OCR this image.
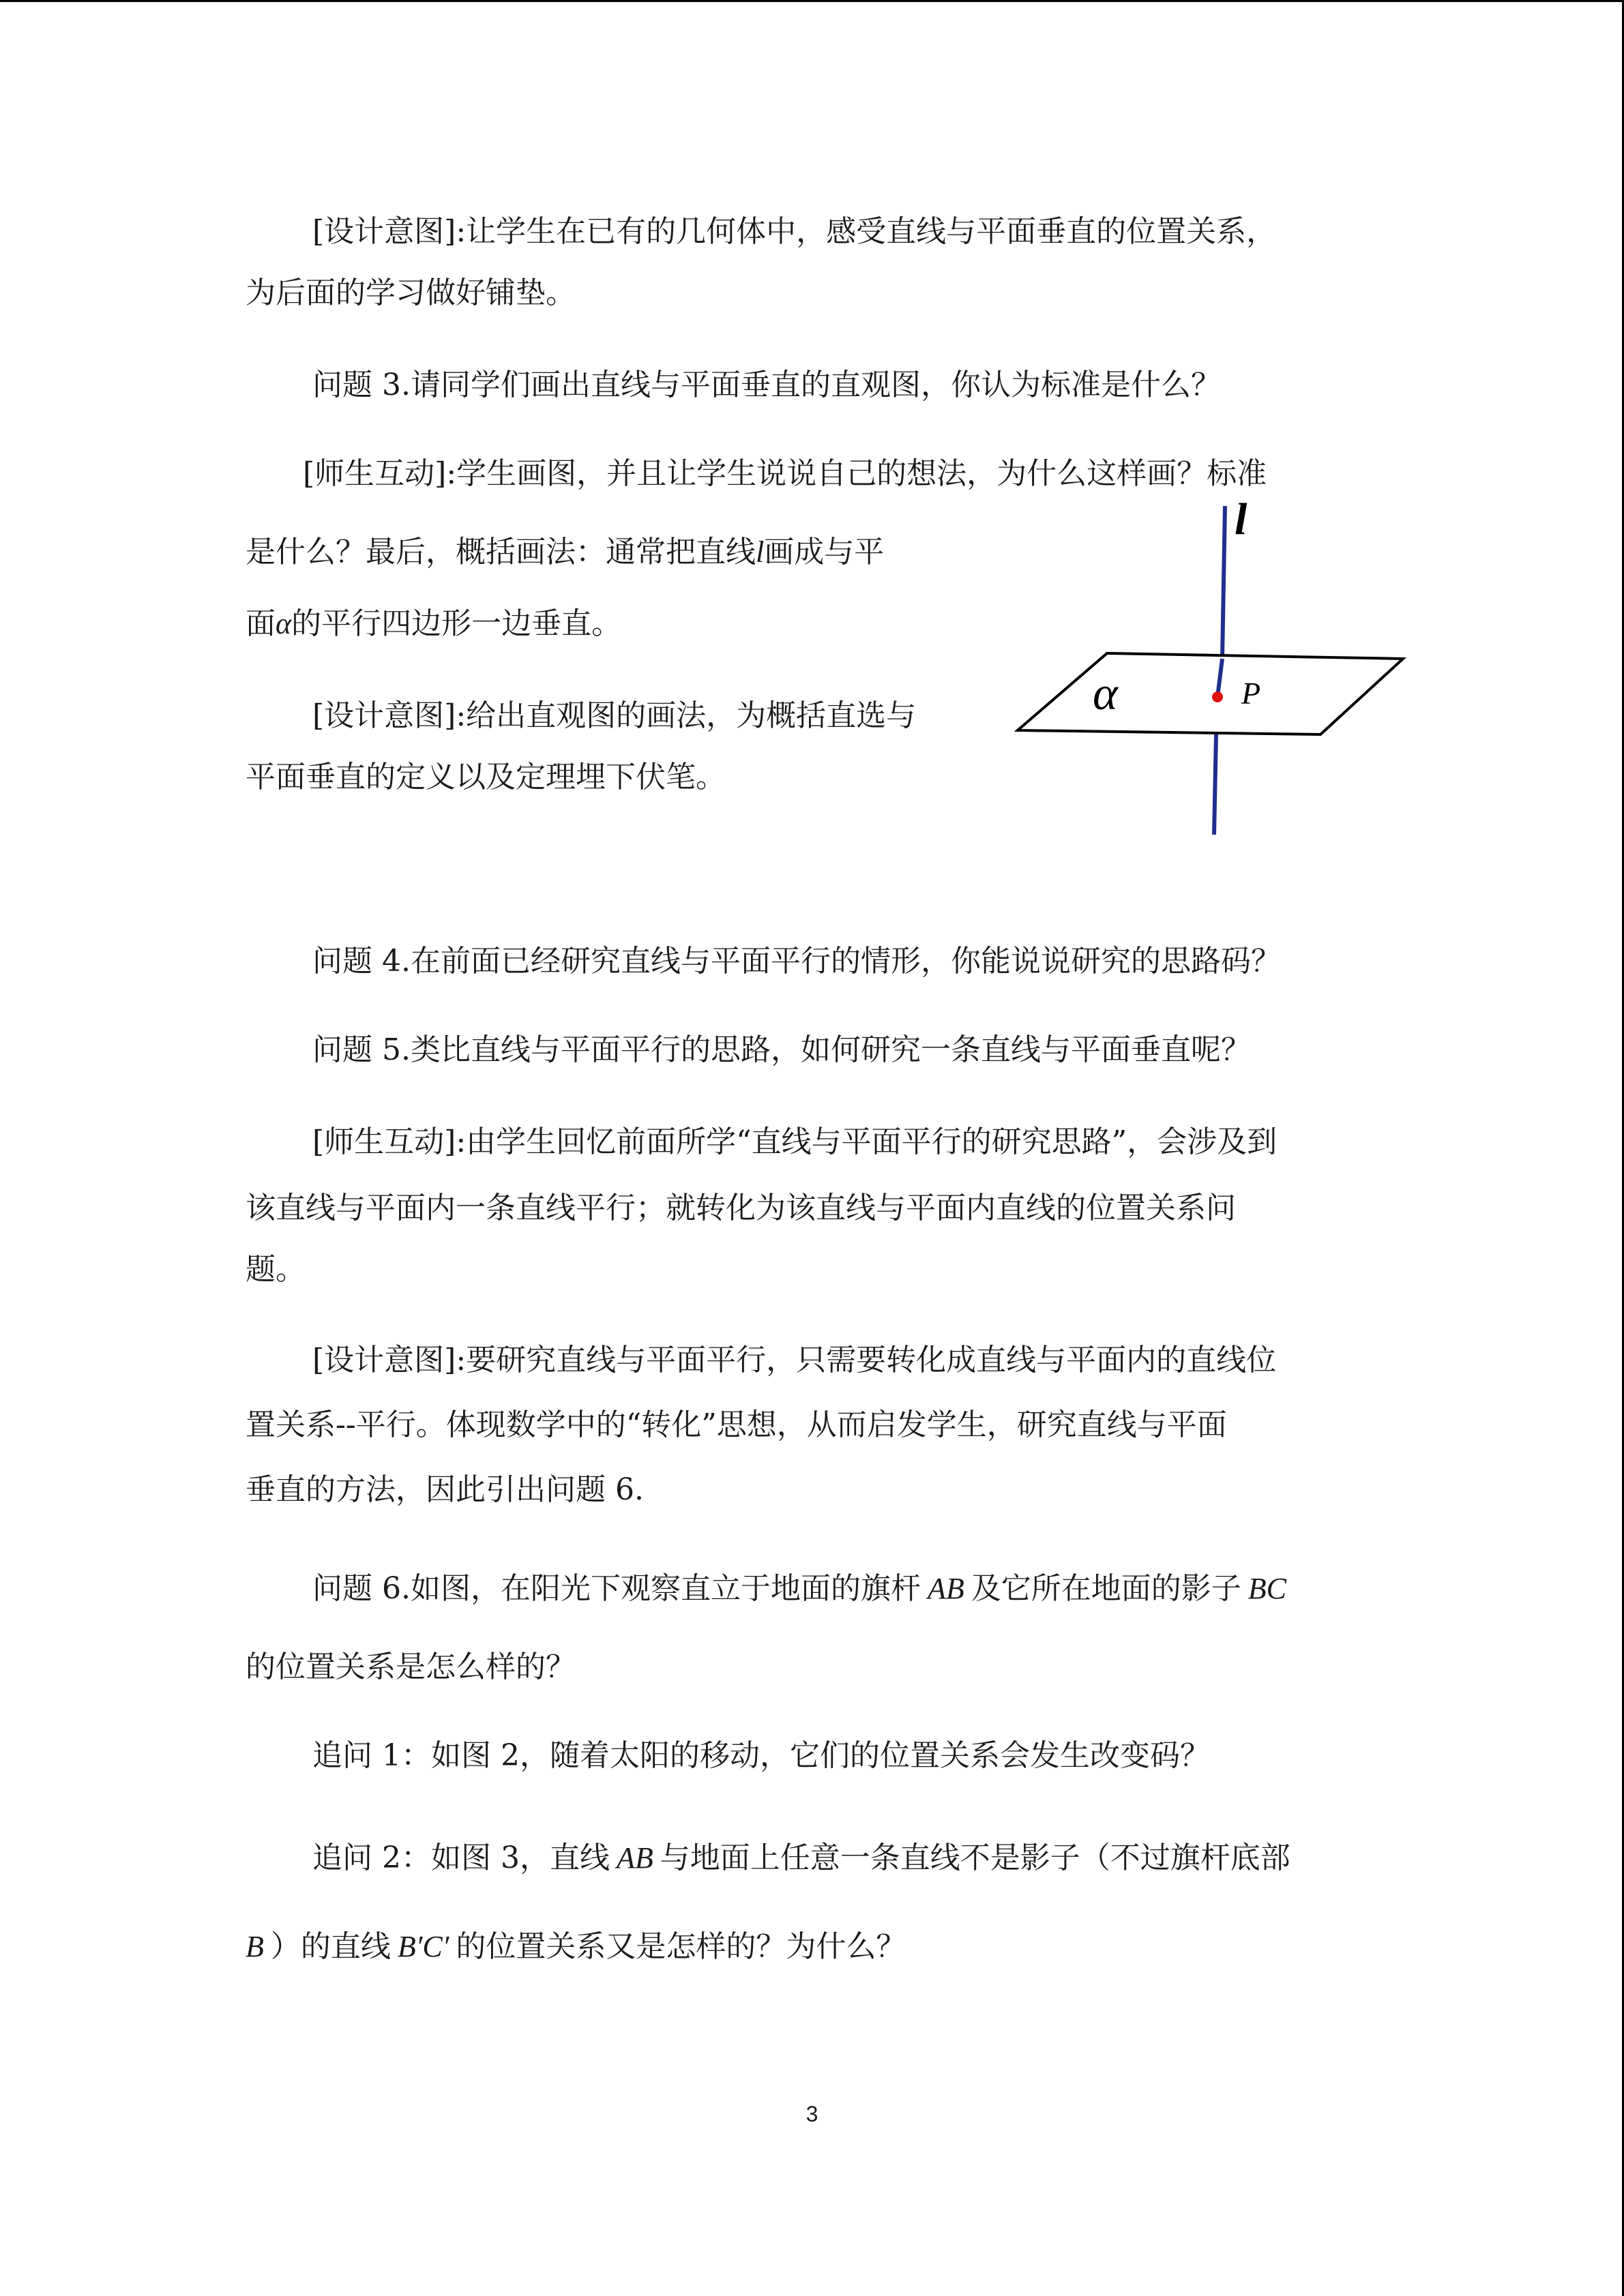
[设计意图]:让学生在已有的几何体中，感受直线与平面垂直的位置关系，

为后面的学习做好铺垫。

问题 3.请同学们画出直线与平面垂直的直观图，你认为标准是什么？

[师生互动]:学生画图，并且让学生说说自己的想法，为什么这样画？标准

是什么？最后，概括画法：通常把直线l画成与平

面α的平行四边形一边垂直。

[设计意图]:给出直观图的画法，为概括直选与

平面垂直的定义以及定理埋下伏笔。

l
α	P

问题 4.在前面已经研究直线与平面平行的情形，你能说说研究的思路码？

问题 5.类比直线与平面平行的思路，如何研究一条直线与平面垂直呢？

[师生互动]:由学生回忆前面所学“直线与平面平行的研究思路”，会涉及到

该直线与平面内一条直线平行；就转化为该直线与平面内直线的位置关系问

题。

[设计意图]:要研究直线与平面平行，只需要转化成直线与平面内的直线位

置关系--平行。体现数学中的“转化”思想，从而启发学生，研究直线与平面

垂直的方法，因此引出问题 6.

问题 6.如图，在阳光下观察直立于地面的旗杆 AB 及它所在地面的影子 BC

的位置关系是怎么样的？

追问 1：如图 2，随着太阳的移动，它们的位置关系会发生改变码？

追问 2：如图 3，直线 AB 与地面上任意一条直线不是影子（不过旗杆底部

B ）的直线 B′C′ 的位置关系又是怎样的？为什么？

3
